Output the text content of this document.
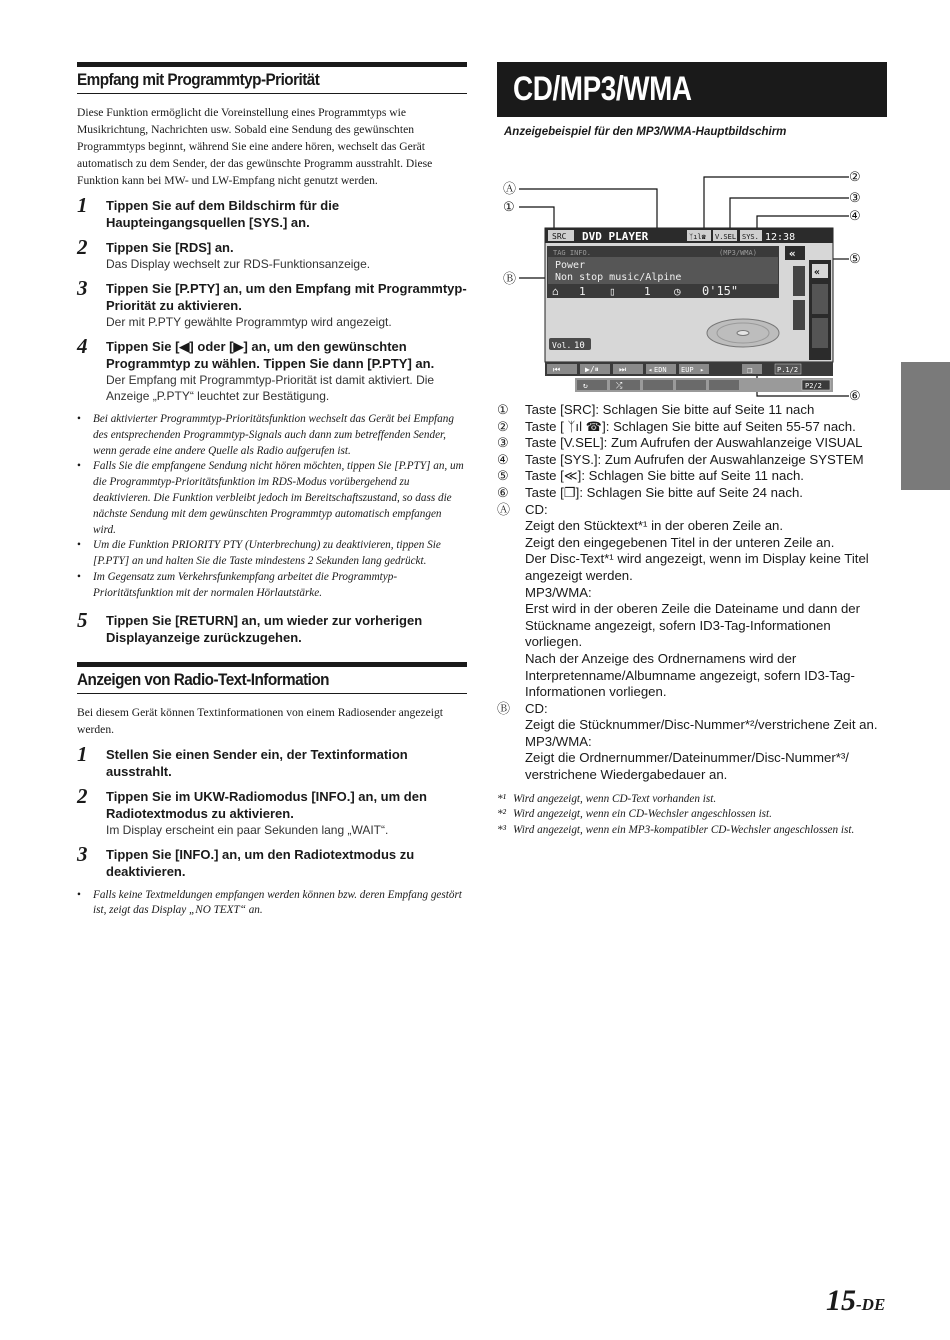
Empfang mit Programmtyp-Priorität

Diese Funktion ermöglicht die Voreinstellung eines Programmtyps wie Musikrichtung, Nachrichten usw. Sobald eine Sendung des gewünschten Programmtyps beginnt, während Sie eine andere hören, wechselt das Gerät automatisch zu dem Sender, der das gewünschte Programm ausstrahlt. Diese Funktion kann bei MW- und LW-Empfang nicht genutzt werden.

1 Tippen Sie auf dem Bildschirm für die Haupteingangsquellen [SYS.] an.
2 Tippen Sie [RDS] an.
Das Display wechselt zur RDS-Funktionsanzeige.
3 Tippen Sie [P.PTY] an, um den Empfang mit Programmtyp-Priorität zu aktivieren.
Der mit P.PTY gewählte Programmtyp wird angezeigt.
4 Tippen Sie [◀] oder [▶] an, um den gewünschten Programmtyp zu wählen. Tippen Sie dann [P.PTY] an.
Der Empfang mit Programmtyp-Priorität ist damit aktiviert. Die Anzeige „P.PTY“ leuchtet zur Bestätigung.
• Bei aktivierter Programmtyp-Prioritätsfunktion wechselt das Gerät bei Empfang des entsprechenden Programmtyp-Signals auch dann zum betreffenden Sender, wenn gerade eine andere Quelle als Radio aufgerufen ist.
• Falls Sie die empfangene Sendung nicht hören möchten, tippen Sie [P.PTY] an, um die Programmtyp-Prioritätsfunktion im RDS-Modus vorübergehend zu deaktivieren. Die Funktion verbleibt jedoch im Bereitschaftszustand, so dass die nächste Sendung mit dem gewünschten Programmtyp automatisch empfangen wird.
• Um die Funktion PRIORITY PTY (Unterbrechung) zu deaktivieren, tippen Sie [P.PTY] an und halten Sie die Taste mindestens 2 Sekunden lang gedrückt.
• Im Gegensatz zum Verkehrsfunkempfang arbeitet die Programmtyp-Prioritätsfunktion mit der normalen Hörlautstärke.
5 Tippen Sie [RETURN] an, um wieder zur vorherigen Displayanzeige zurückzugehen.
Anzeigen von Radio-Text-Information

Bei diesem Gerät können Textinformationen von einem Radiosender angezeigt werden.

1 Stellen Sie einen Sender ein, der Textinformation ausstrahlt.
2 Tippen Sie im UKW-Radiomodus [INFO.] an, um den Radiotextmodus zu aktivieren.
Im Display erscheint ein paar Sekunden lang „WAIT“.
3 Tippen Sie [INFO.] an, um den Radiotextmodus zu deaktivieren.
• Falls keine Textmeldungen empfangen werden können bzw. deren Empfang gestört ist, zeigt das Display „NO TEXT“ an.
CD/MP3/WMA
Anzeigebeispiel für den MP3/WMA-Hauptbildschirm
Ⓐ
①
Ⓑ
②
③
④
⑤
⑥
SRC DVD PLAYER	ᛉıl☎ V.SEL SYS. 12:38
TAG INFO.	(MP3/WMA)
Power
Non stop music/Alpine
⌂ 1 ▯	1 ◷ 0'15"
«
«
Vol. 10
⏮	▶/⏸	⏭	◂ EDN EUP ▸	❐	P.1/2
↻	⤮	P2/2
①	Taste [SRC]: Schlagen Sie bitte auf Seite 11 nach
②	Taste [ ᛉıl ☎]: Schlagen Sie bitte auf Seiten 55-57 nach.
③	Taste [V.SEL]: Zum Aufrufen der Auswahlanzeige VISUAL
④	Taste [SYS.]: Zum Aufrufen der Auswahlanzeige SYSTEM
⑤	Taste [≪]: Schlagen Sie bitte auf Seite 11 nach.
⑥	Taste [❐]: Schlagen Sie bitte auf Seite 24 nach.
Ⓐ	CD:
Zeigt den Stücktext*¹ in der oberen Zeile an.
Zeigt den eingegebenen Titel in der unteren Zeile an.
Der Disc-Text*¹ wird angezeigt, wenn im Display keine Titel angezeigt werden.
MP3/WMA:
Erst wird in der oberen Zeile die Dateiname und dann der Stückname angezeigt, sofern ID3-Tag-Informationen vorliegen.
Nach der Anzeige des Ordnernamens wird der Interpretenname/Albumname angezeigt, sofern ID3-Tag-Informationen vorliegen.
Ⓑ	CD:
Zeigt die Stücknummer/Disc-Nummer*²/verstrichene Zeit an.
MP3/WMA:
Zeigt die Ordnernummer/Dateinummer/Disc-Nummer*³/ verstrichene Wiedergabedauer an.
*¹ Wird angezeigt, wenn CD-Text vorhanden ist.
*² Wird angezeigt, wenn ein CD-Wechsler angeschlossen ist.
*³ Wird angezeigt, wenn ein MP3-kompatibler CD-Wechsler angeschlossen ist.
15-DE
